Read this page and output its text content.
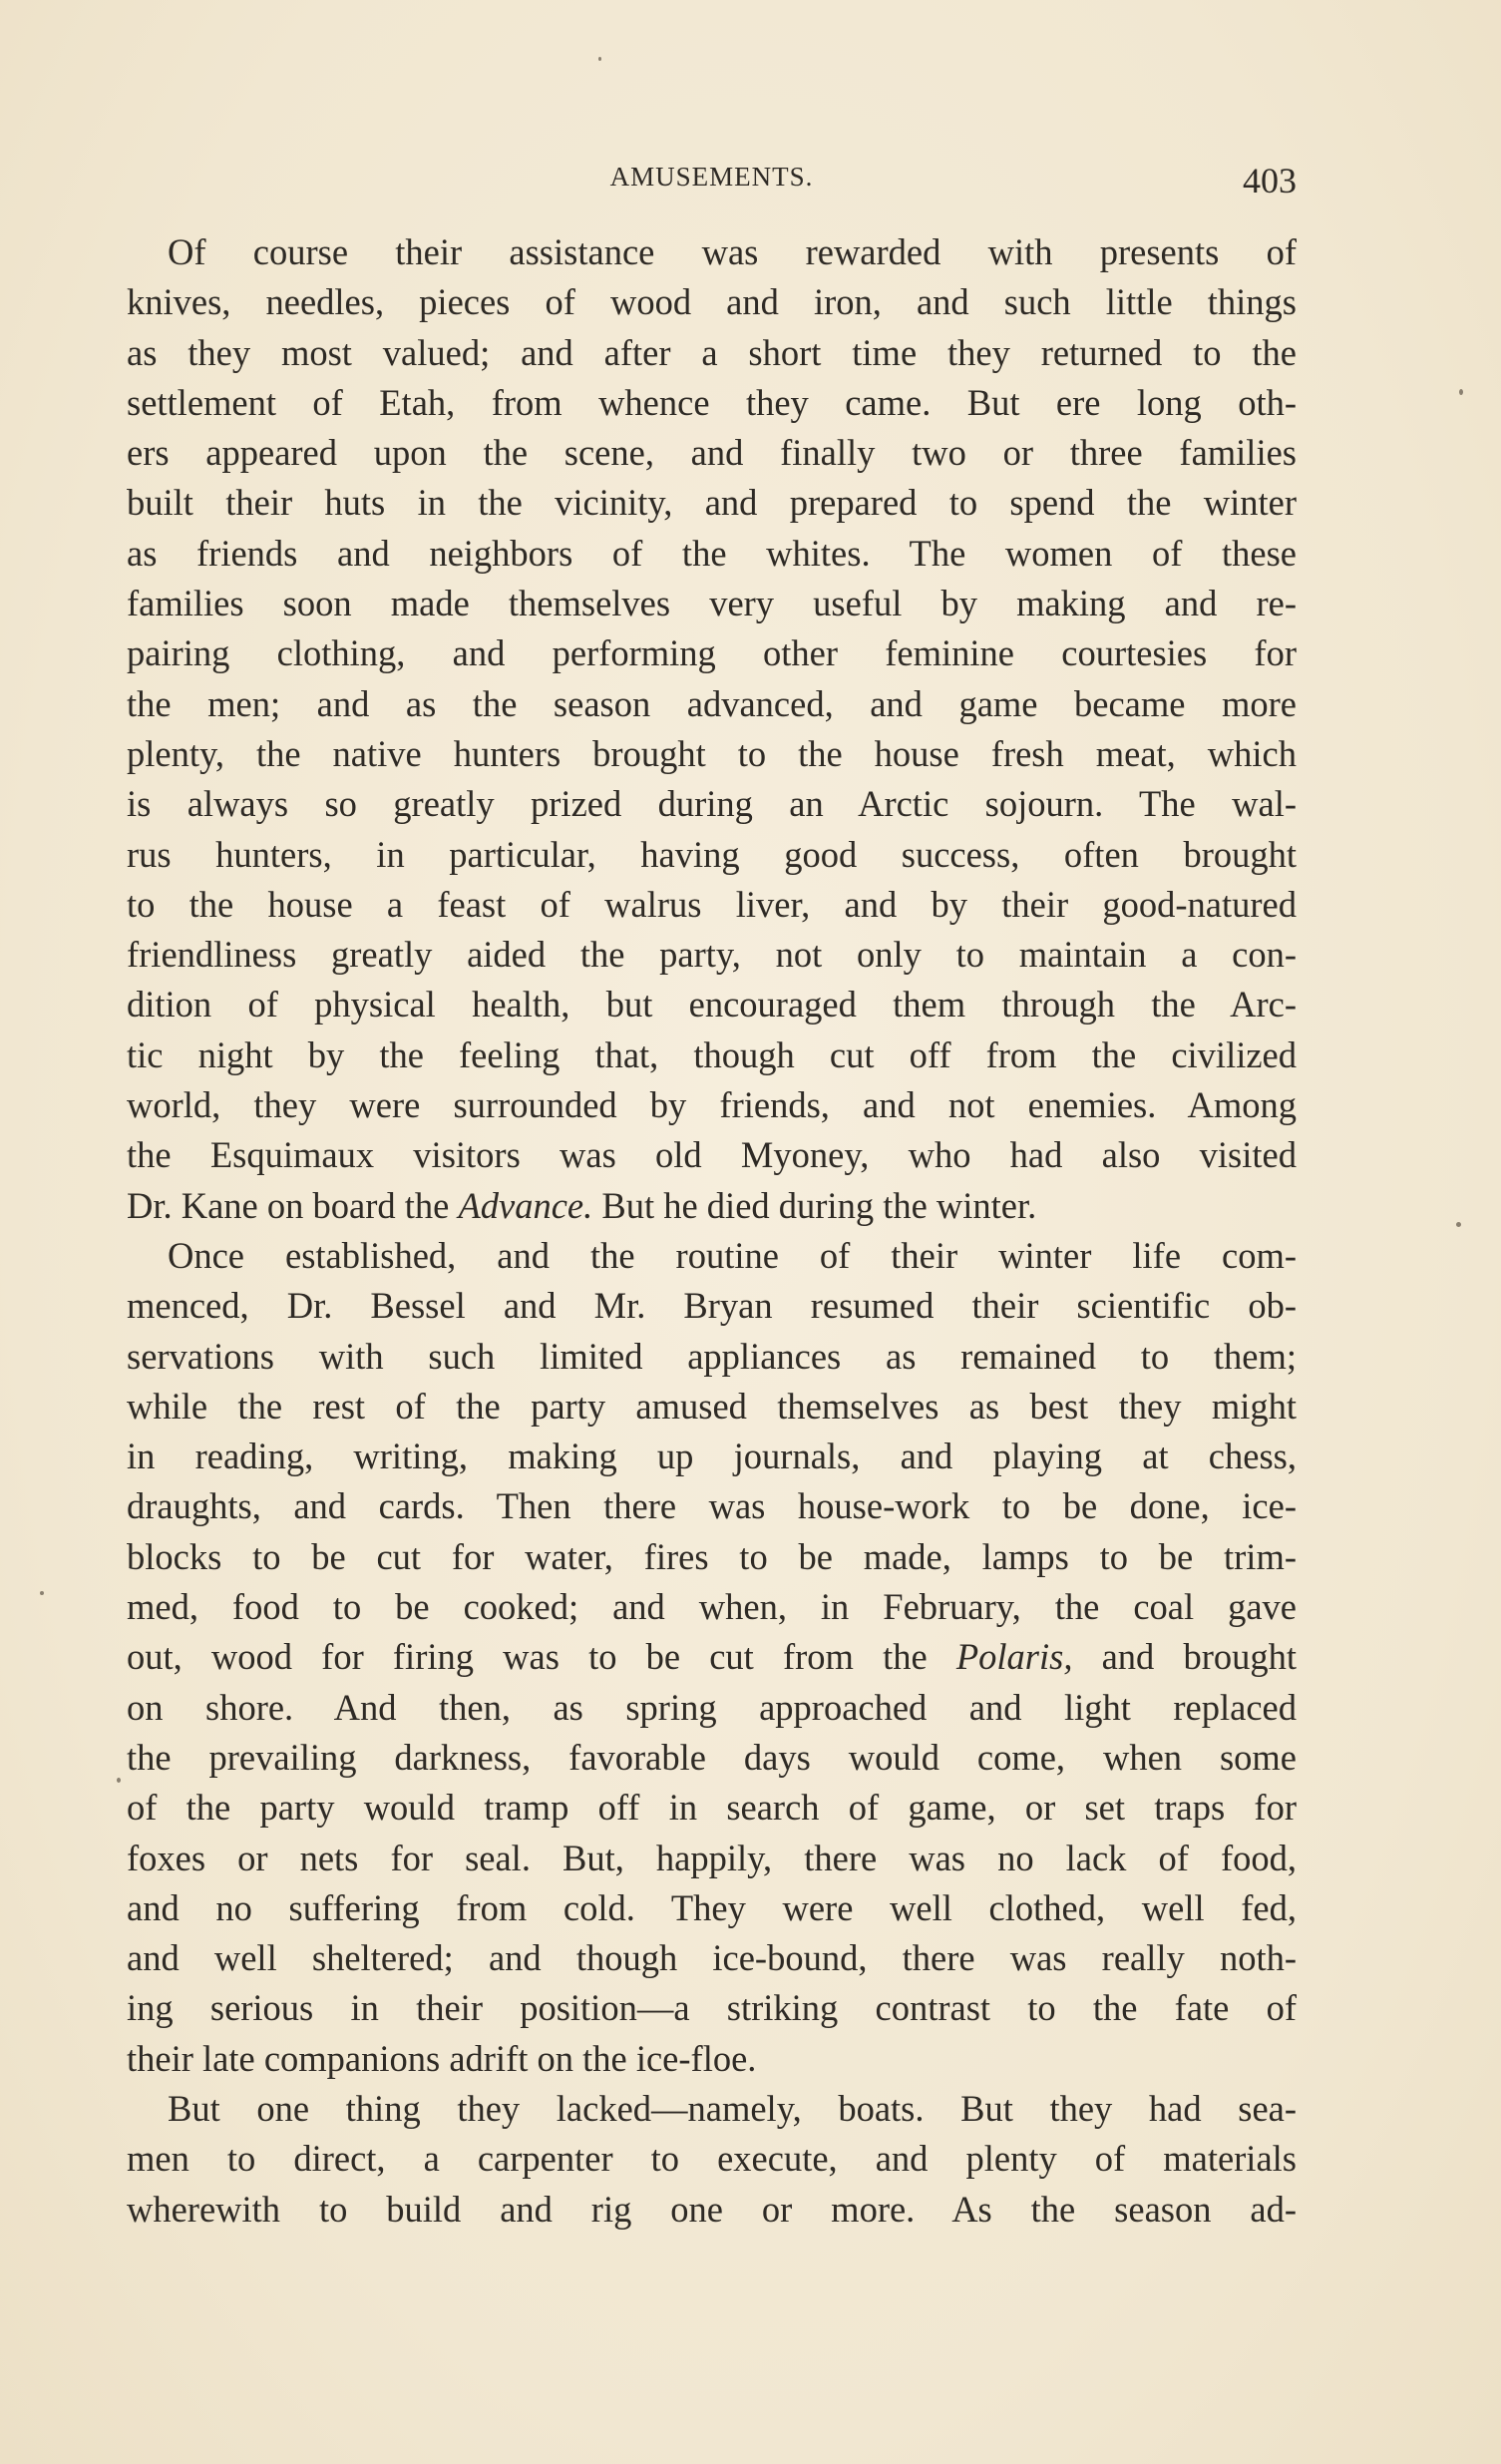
AMUSEMENTS.	403
Of course their assistance was rewarded with presents of
knives, needles, pieces of wood and iron, and such little things
as they most valued; and after a short time they returned to the
settlement of Etah, from whence they came. But ere long oth-
ers appeared upon the scene, and finally two or three families
built their huts in the vicinity, and prepared to spend the winter
as friends and neighbors of the whites. The women of these
families soon made themselves very useful by making and re-
pairing clothing, and performing other feminine courtesies for
the men; and as the season advanced, and game became more
plenty, the native hunters brought to the house fresh meat, which
is always so greatly prized during an Arctic sojourn. The wal-
rus hunters, in particular, having good success, often brought
to the house a feast of walrus liver, and by their good-natured
friendliness greatly aided the party, not only to maintain a con-
dition of physical health, but encouraged them through the Arc-
tic night by the feeling that, though cut off from the civilized
world, they were surrounded by friends, and not enemies. Among
the Esquimaux visitors was old Myoney, who had also visited
Dr. Kane on board the Advance. But he died during the winter.
Once established, and the routine of their winter life com-
menced, Dr. Bessel and Mr. Bryan resumed their scientific ob-
servations with such limited appliances as remained to them;
while the rest of the party amused themselves as best they might
in reading, writing, making up journals, and playing at chess,
draughts, and cards. Then there was house-work to be done, ice-
blocks to be cut for water, fires to be made, lamps to be trim-
med, food to be cooked; and when, in February, the coal gave
out, wood for firing was to be cut from the Polaris, and brought
on shore. And then, as spring approached and light replaced
the prevailing darkness, favorable days would come, when some
of the party would tramp off in search of game, or set traps for
foxes or nets for seal. But, happily, there was no lack of food,
and no suffering from cold. They were well clothed, well fed,
and well sheltered; and though ice-bound, there was really noth-
ing serious in their position—a striking contrast to the fate of
their late companions adrift on the ice-floe.
But one thing they lacked—namely, boats. But they had sea-
men to direct, a carpenter to execute, and plenty of materials
wherewith to build and rig one or more. As the season ad-
